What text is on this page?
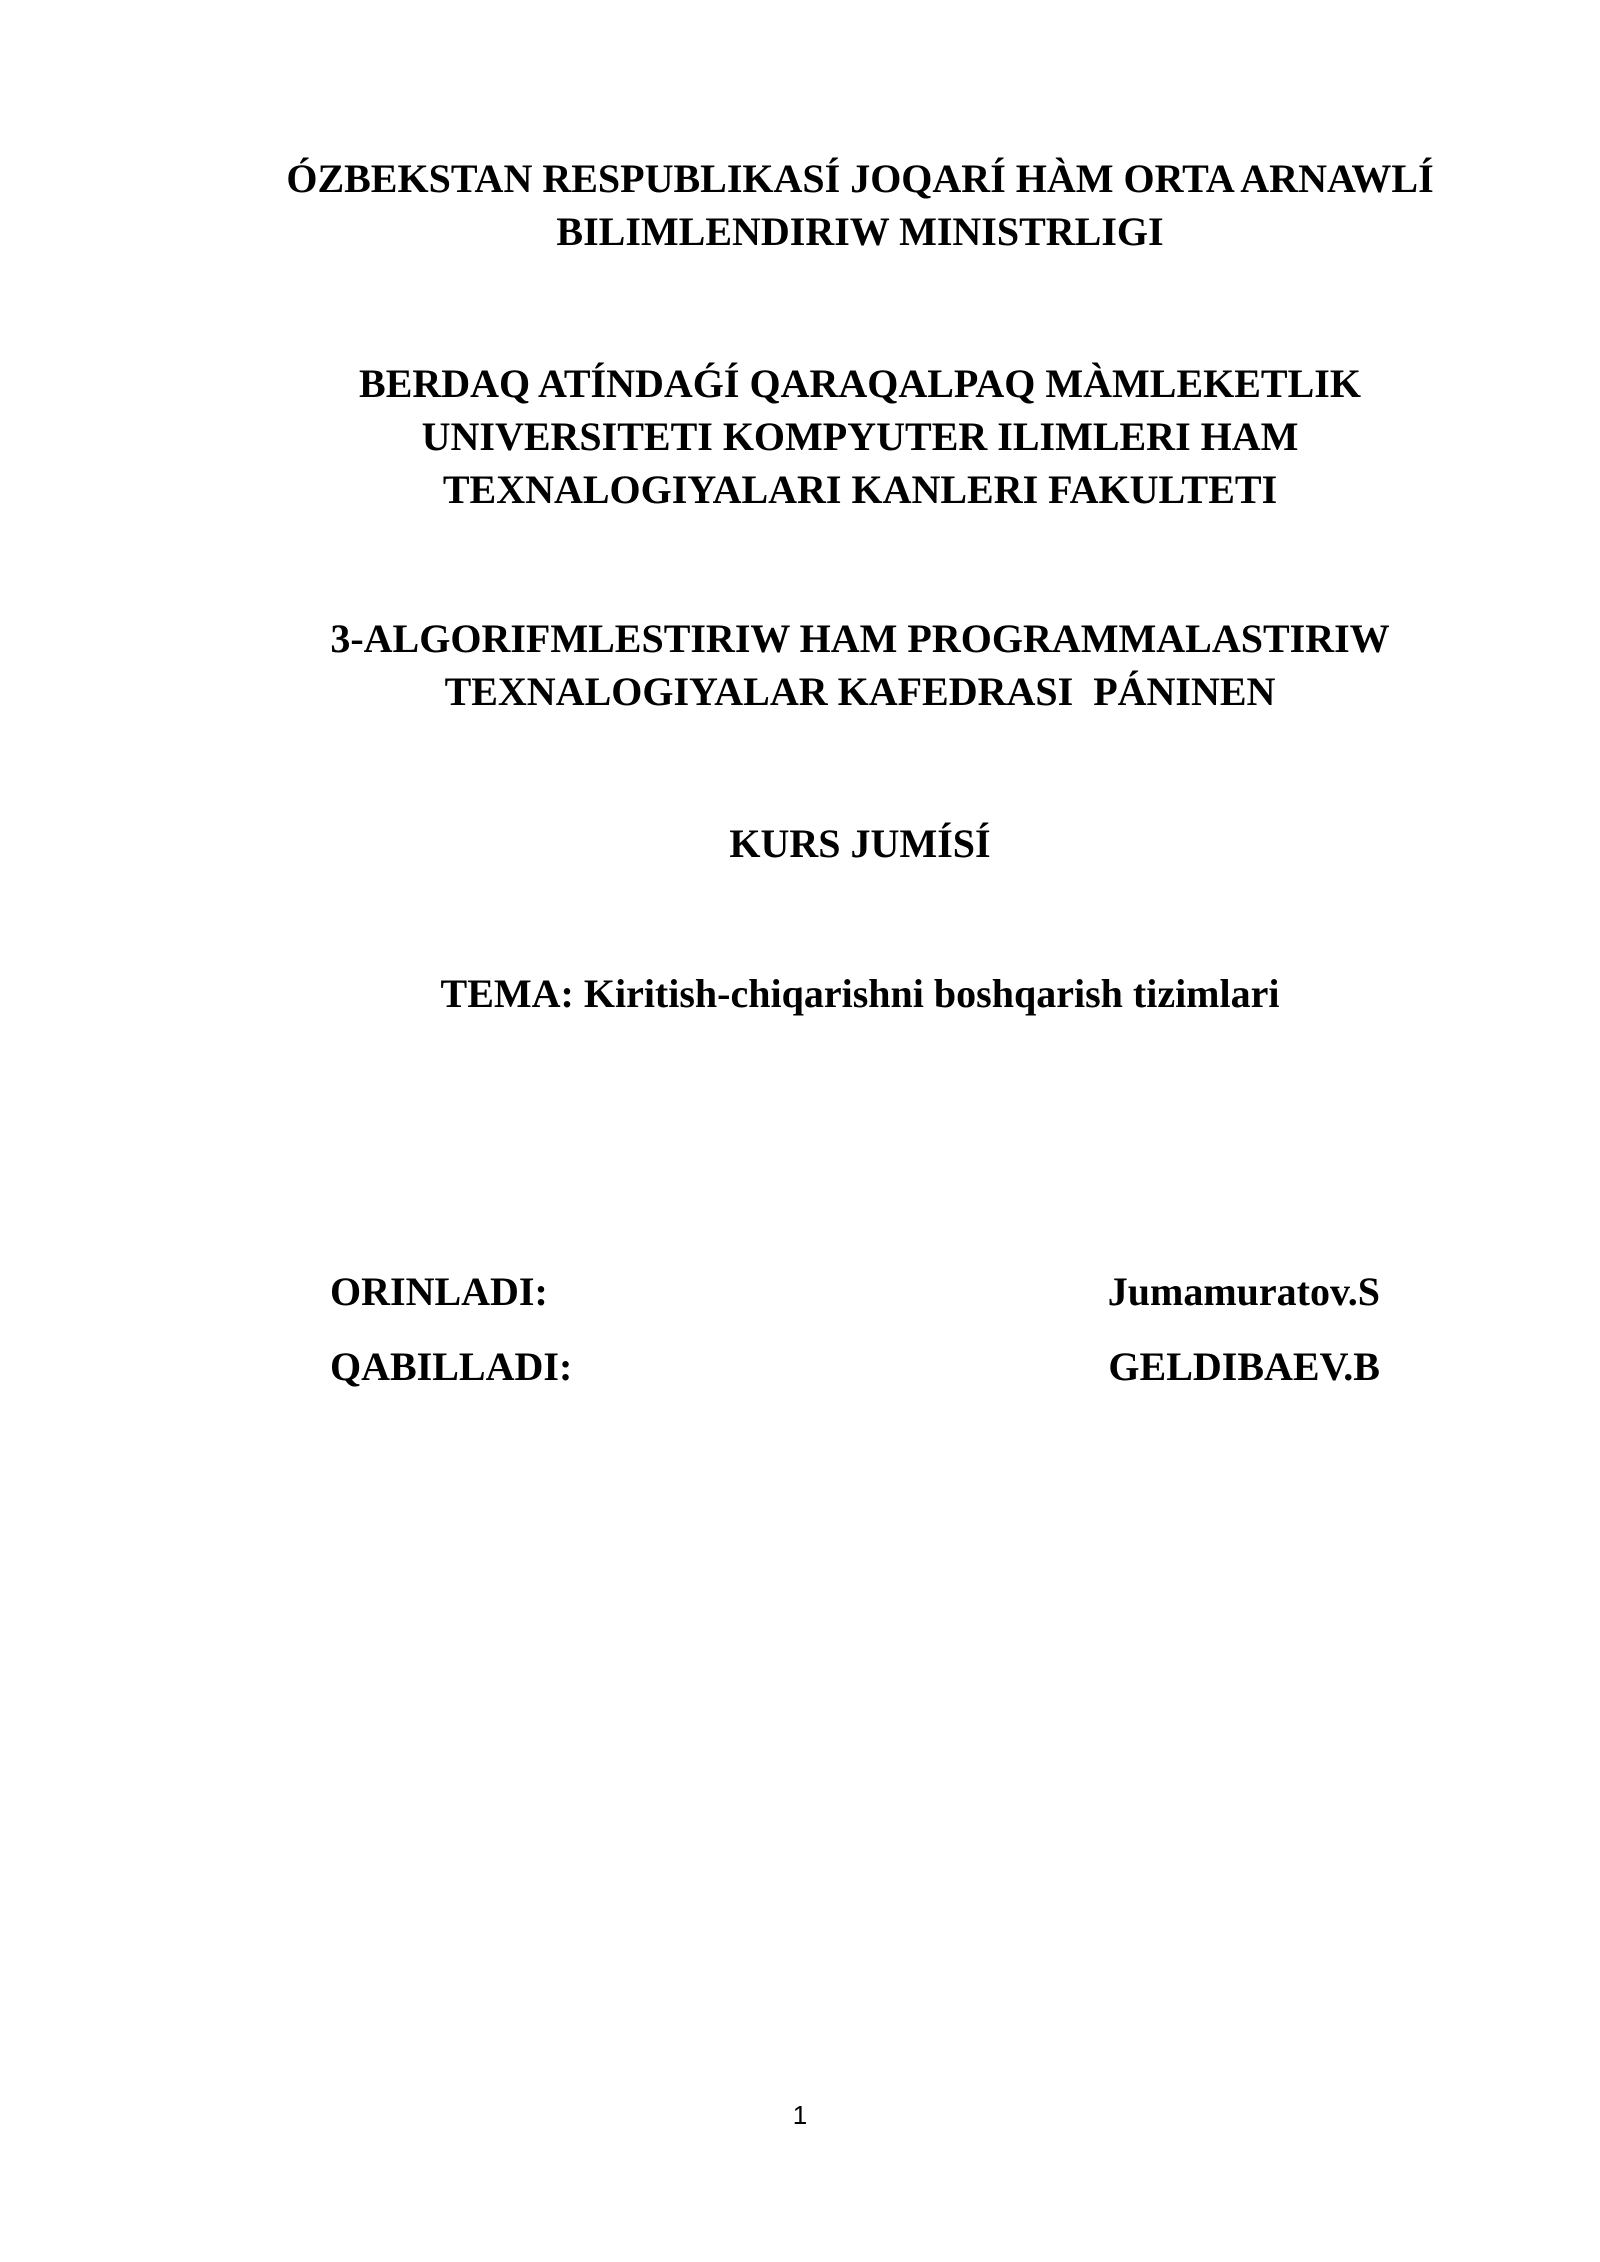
ÓZBEKSTAN RESPUBLIKASÍ JOQARÍ HÀM ORTA ARNAWLÍ
BILIMLENDIRIW MINISTRLIGI
BERDAQ ATÍNDAǴÍ QARAQALPAQ MÀMLEKETLIK
UNIVERSITETI KOMPYUTER ILIMLERI HAM
TEXNALOGIYALARI KANLERI FAKULTETI
3-ALGORIFMLESTIRIW HAM PROGRAMMALASTIRIW
TEXNALOGIYALAR KAFEDRASI  PÁNINEN
KURS JUMÍSÍ
TEMA: Kiritish-chiqarishni boshqarish tizimlari
ORINLADI:	Jumamuratov.S
QABILLADI:	GELDIBAEV.B
1
